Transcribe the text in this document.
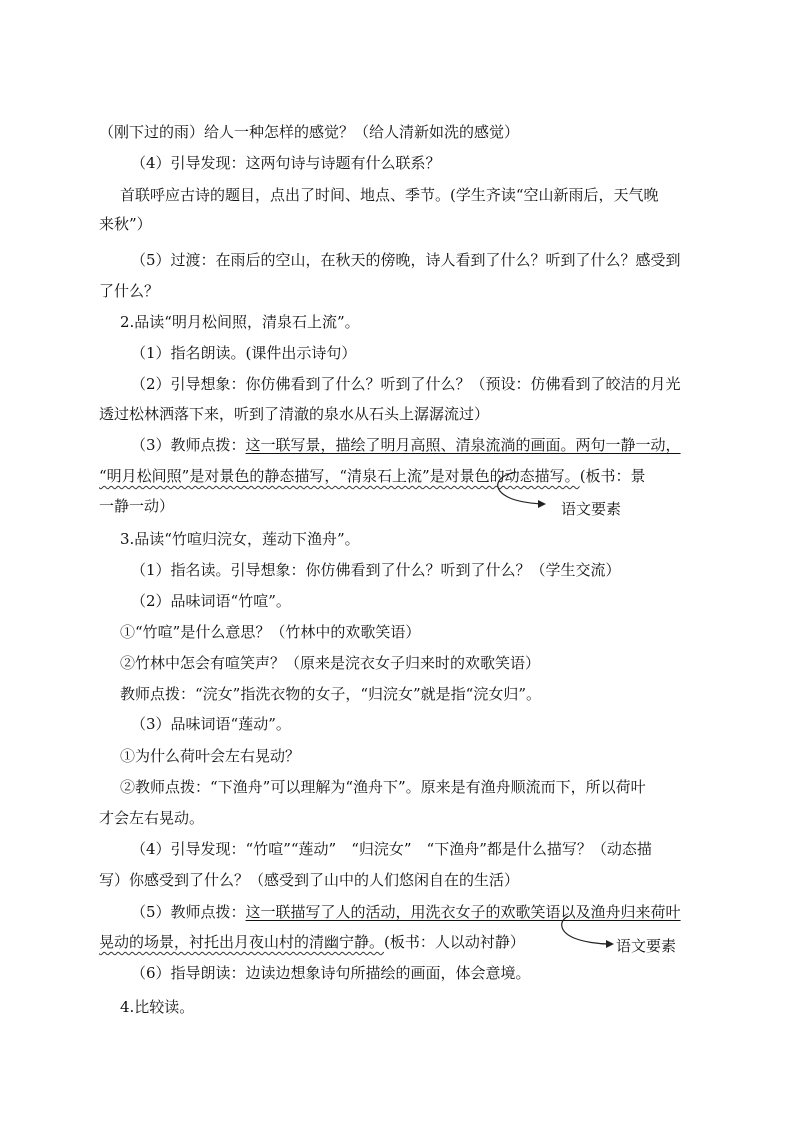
（刚下过的雨）给人一种怎样的感觉？（给人清新如洗的感觉）
（4）引导发现：这两句诗与诗题有什么联系？
首联呼应古诗的题目，点出了时间、地点、季节。(学生齐读“空山新雨后，天气晚
来秋”）
（5）过渡：在雨后的空山，在秋天的傍晚，诗人看到了什么？听到了什么？感受到
了什么？
2.品读“明月松间照，清泉石上流”。
（1）指名朗读。(课件出示诗句）
（2）引导想象：你仿佛看到了什么？听到了什么？（预设：仿佛看到了皎洁的月光
透过松林洒落下来，听到了清澈的泉水从石头上潺潺流过）
（3）教师点拨：这一联写景，描绘了明月高照、清泉流淌的画面。两句一静一动，
“明月松间照”是对景色的静态描写，“清泉石上流”是对景色的动态描写。(板书：景
一静一动）	语文要素
3.品读“竹喧归浣女，莲动下渔舟”。
（1）指名读。引导想象：你仿佛看到了什么？听到了什么？（学生交流）
（2）品味词语“竹喧”。
①“竹喧”是什么意思？（竹林中的欢歌笑语）
②竹林中怎会有喧笑声？（原来是浣衣女子归来时的欢歌笑语）
教师点拨：“浣女”指洗衣物的女子，“归浣女”就是指“浣女归”。
（3）品味词语“莲动”。
①为什么荷叶会左右晃动？
②教师点拨：“下渔舟”可以理解为“渔舟下”。原来是有渔舟顺流而下，所以荷叶
才会左右晃动。
（4）引导发现：“竹喧”“莲动”　“归浣女”　“下渔舟”都是什么描写？（动态描
写）你感受到了什么？（感受到了山中的人们悠闲自在的生活）
（5）教师点拨：这一联描写了人的活动，用洗衣女子的欢歌笑语以及渔舟归来荷叶
晃动的场景，衬托出月夜山村的清幽宁静。(板书：人以动衬静）	语文要素
（6）指导朗读：边读边想象诗句所描绘的画面，体会意境。
4.比较读。
